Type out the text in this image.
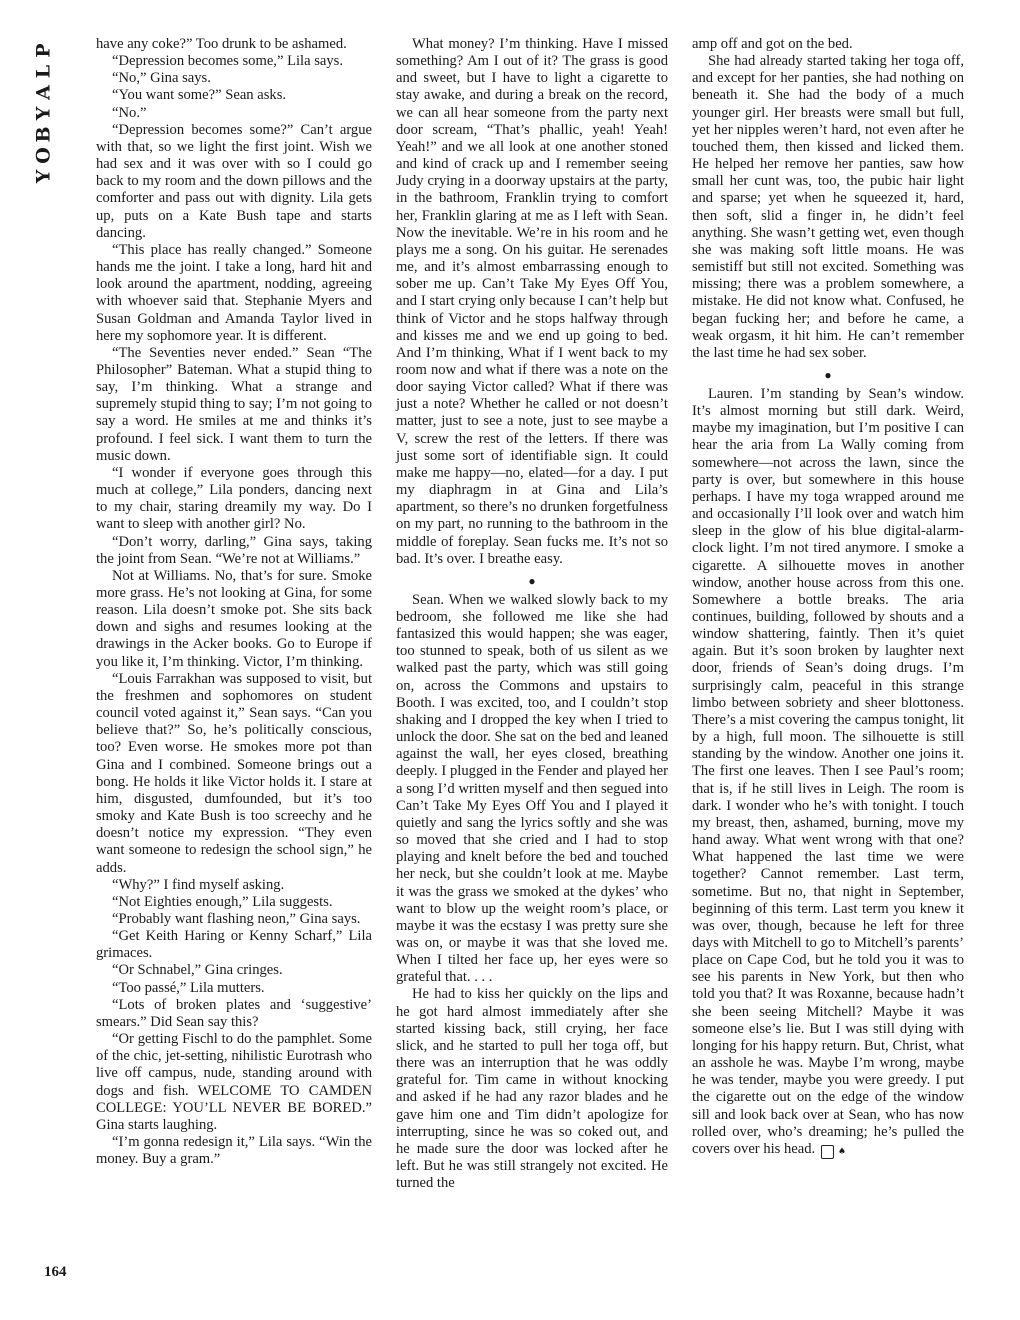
P
L
A
Y
B
O
Y

have any coke?” Too drunk to be ashamed.

“Depression becomes some,” Lila says.

“No,” Gina says.

“You want some?” Sean asks.

“No.”

“Depression becomes some?” Can’t argue with that, so we light the first joint. Wish we had sex and it was over with so I could go back to my room and the down pillows and the comforter and pass out with dignity. Lila gets up, puts on a Kate Bush tape and starts dancing.

“This place has really changed.” Someone hands me the joint. I take a long, hard hit and look around the apartment, nodding, agreeing with whoever said that. Stephanie Myers and Susan Goldman and Amanda Taylor lived in here my sophomore year. It is different.

“The Seventies never ended.” Sean “The Philosopher” Bateman. What a stupid thing to say, I’m thinking. What a strange and supremely stupid thing to say; I’m not going to say a word. He smiles at me and thinks it’s profound. I feel sick. I want them to turn the music down.

“I wonder if everyone goes through this much at college,” Lila ponders, dancing next to my chair, staring dreamily my way. Do I want to sleep with another girl? No.

“Don’t worry, darling,” Gina says, taking the joint from Sean. “We’re not at Williams.”

Not at Williams. No, that’s for sure. Smoke more grass. He’s not looking at Gina, for some reason. Lila doesn’t smoke pot. She sits back down and sighs and resumes looking at the drawings in the Acker books. Go to Europe if you like it, I’m thinking. Victor, I’m thinking.

“Louis Farrakhan was supposed to visit, but the freshmen and sophomores on student council voted against it,” Sean says. “Can you believe that?” So, he’s politically conscious, too? Even worse. He smokes more pot than Gina and I combined. Someone brings out a bong. He holds it like Victor holds it. I stare at him, disgusted, dumfounded, but it’s too smoky and Kate Bush is too screechy and he doesn’t notice my expression. “They even want someone to redesign the school sign,” he adds.

“Why?” I find myself asking.

“Not Eighties enough,” Lila suggests.

“Probably want flashing neon,” Gina says.

“Get Keith Haring or Kenny Scharf,” Lila grimaces.

“Or Schnabel,” Gina cringes.

“Too passé,” Lila mutters.

“Lots of broken plates and ‘suggestive’ smears.” Did Sean say this?

“Or getting Fischl to do the pamphlet. Some of the chic, jet-setting, nihilistic Eurotrash who live off campus, nude, standing around with dogs and fish. WELCOME TO CAMDEN COLLEGE: YOU’LL NEVER BE BORED.” Gina starts laughing.

“I’m gonna redesign it,” Lila says. “Win the money. Buy a gram.”

What money? I’m thinking. Have I missed something? Am I out of it? The grass is good and sweet, but I have to light a cigarette to stay awake, and during a break on the record, we can all hear someone from the party next door scream, “That’s phallic, yeah! Yeah! Yeah!” and we all look at one another stoned and kind of crack up and I remember seeing Judy crying in a doorway upstairs at the party, in the bathroom, Franklin trying to comfort her, Franklin glaring at me as I left with Sean. Now the inevitable. We’re in his room and he plays me a song. On his guitar. He serenades me, and it’s almost embarrassing enough to sober me up. Can’t Take My Eyes Off You, and I start crying only because I can’t help but think of Victor and he stops halfway through and kisses me and we end up going to bed. And I’m thinking, What if I went back to my room now and what if there was a note on the door saying Victor called? What if there was just a note? Whether he called or not doesn’t matter, just to see a note, just to see maybe a V, screw the rest of the letters. If there was just some sort of identifiable sign. It could make me happy—no, elated—for a day. I put my diaphragm in at Gina and Lila’s apartment, so there’s no drunken forgetfulness on my part, no running to the bathroom in the middle of foreplay. Sean fucks me. It’s not so bad. It’s over. I breathe easy.

●

Sean. When we walked slowly back to my bedroom, she followed me like she had fantasized this would happen; she was eager, too stunned to speak, both of us silent as we walked past the party, which was still going on, across the Commons and upstairs to Booth. I was excited, too, and I couldn’t stop shaking and I dropped the key when I tried to unlock the door. She sat on the bed and leaned against the wall, her eyes closed, breathing deeply. I plugged in the Fender and played her a song I’d written myself and then segued into Can’t Take My Eyes Off You and I played it quietly and sang the lyrics softly and she was so moved that she cried and I had to stop playing and knelt before the bed and touched her neck, but she couldn’t look at me. Maybe it was the grass we smoked at the dykes’ who want to blow up the weight room’s place, or maybe it was the ecstasy I was pretty sure she was on, or maybe it was that she loved me. When I tilted her face up, her eyes were so grateful that. . . .

He had to kiss her quickly on the lips and he got hard almost immediately after she started kissing back, still crying, her face slick, and he started to pull her toga off, but there was an interruption that he was oddly grateful for. Tim came in without knocking and asked if he had any razor blades and he gave him one and Tim didn’t apologize for interrupting, since he was so coked out, and he made sure the door was locked after he left. But he was still strangely not excited. He turned the

amp off and got on the bed.

She had already started taking her toga off, and except for her panties, she had nothing on beneath it. She had the body of a much younger girl. Her breasts were small but full, yet her nipples weren’t hard, not even after he touched them, then kissed and licked them. He helped her remove her panties, saw how small her cunt was, too, the pubic hair light and sparse; yet when he squeezed it, hard, then soft, slid a finger in, he didn’t feel anything. She wasn’t getting wet, even though she was making soft little moans. He was semistiff but still not excited. Something was missing; there was a problem somewhere, a mistake. He did not know what. Confused, he began fucking her; and before he came, a weak orgasm, it hit him. He can’t remember the last time he had sex sober.

●

Lauren. I’m standing by Sean’s window. It’s almost morning but still dark. Weird, maybe my imagination, but I’m positive I can hear the aria from La Wally coming from somewhere—not across the lawn, since the party is over, but somewhere in this house perhaps. I have my toga wrapped around me and occasionally I’ll look over and watch him sleep in the glow of his blue digital-alarm-clock light. I’m not tired anymore. I smoke a cigarette. A silhouette moves in another window, another house across from this one. Somewhere a bottle breaks. The aria continues, building, followed by shouts and a window shattering, faintly. Then it’s quiet again. But it’s soon broken by laughter next door, friends of Sean’s doing drugs. I’m surprisingly calm, peaceful in this strange limbo between sobriety and sheer blottoness. There’s a mist covering the campus tonight, lit by a high, full moon. The silhouette is still standing by the window. Another one joins it. The first one leaves. Then I see Paul’s room; that is, if he still lives in Leigh. The room is dark. I wonder who he’s with tonight. I touch my breast, then, ashamed, burning, move my hand away. What went wrong with that one? What happened the last time we were together? Cannot remember. Last term, sometime. But no, that night in September, beginning of this term. Last term you knew it was over, though, because he left for three days with Mitchell to go to Mitchell’s parents’ place on Cape Cod, but he told you it was to see his parents in New York, but then who told you that? It was Roxanne, because hadn’t she been seeing Mitchell? Maybe it was someone else’s lie. But I was still dying with longing for his happy return. But, Christ, what an asshole he was. Maybe I’m wrong, maybe he was tender, maybe you were greedy. I put the cigarette out on the edge of the window sill and look back over at Sean, who has now rolled over, who’s dreaming; he’s pulled the covers over his head.	♠

164
